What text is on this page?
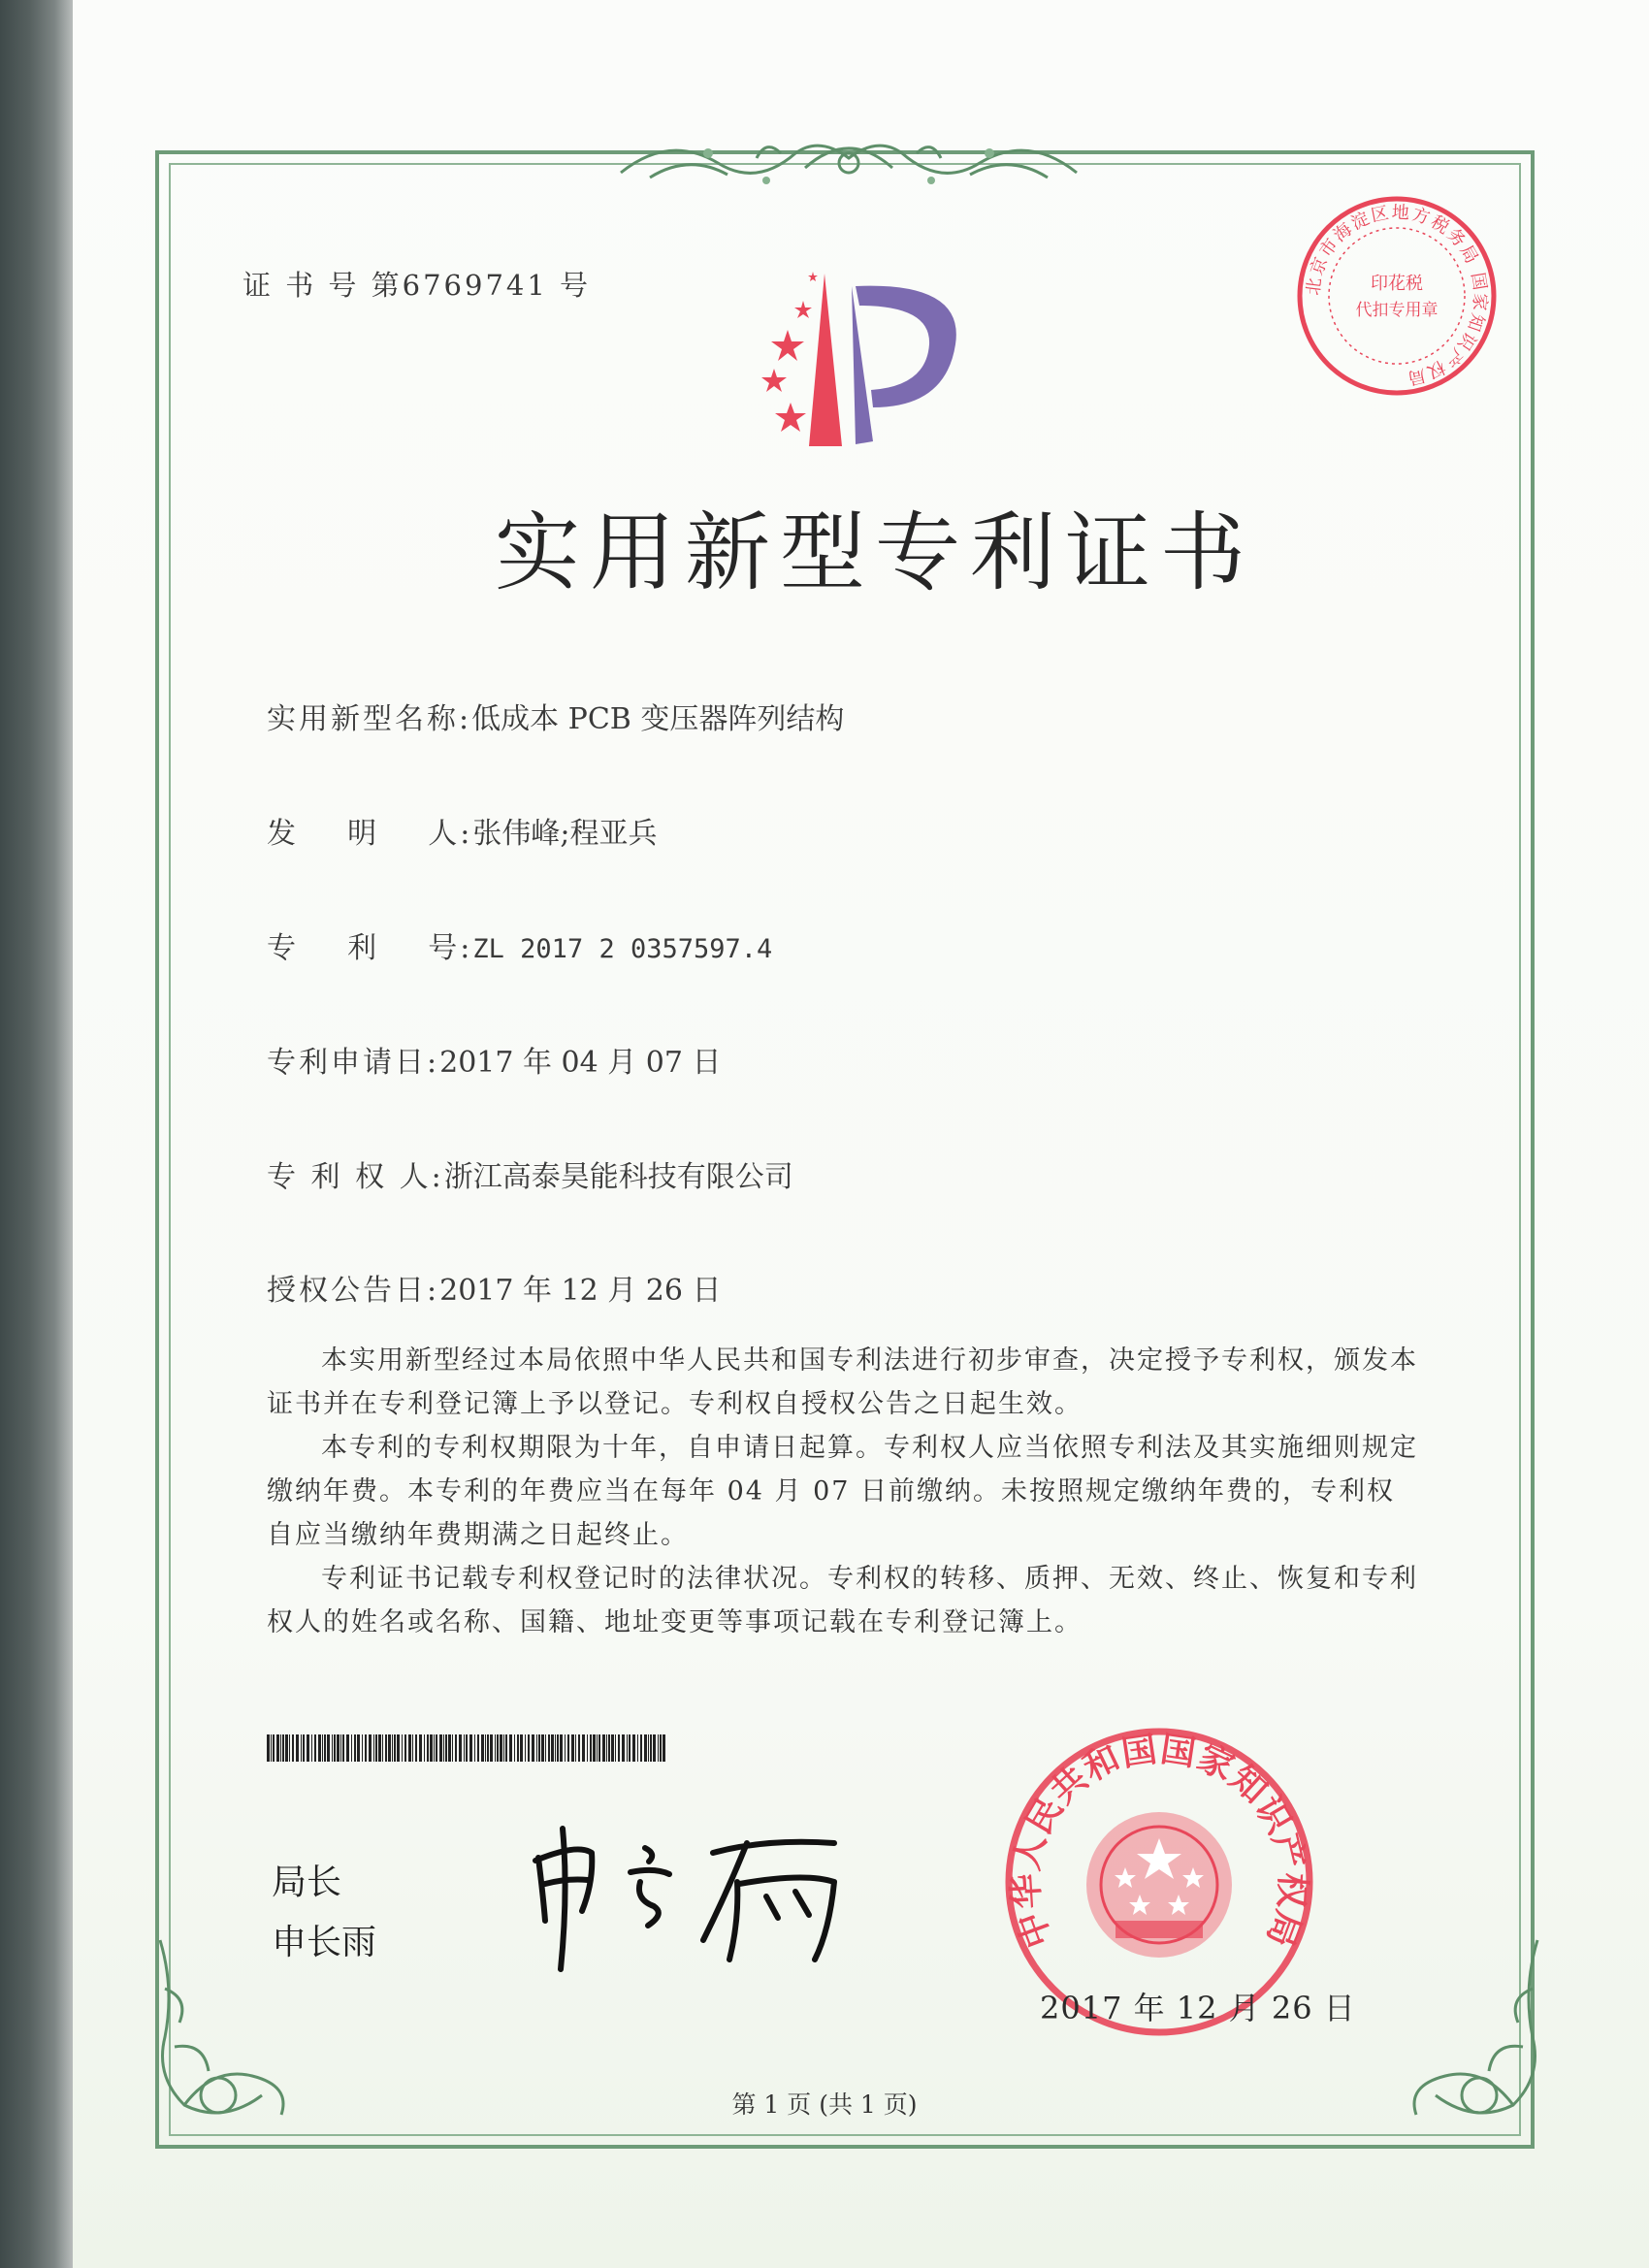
证 书 号 第6769741 号	印花税
代扣专用章
北京市海淀区地方税务局 国家知识产权局
实用新型专利证书
实用新型名称:低成本 PCB 变压器阵列结构
发    明    人:张伟峰;程亚兵
专    利    号:ZL 2017 2 0357597.4
专利申请日:2017 年 04 月 07 日
专 利 权 人:浙江高泰昊能科技有限公司
授权公告日:2017 年 12 月 26 日

本实用新型经过本局依照中华人民共和国专利法进行初步审查，决定授予专利权，颁发本证书并在专利登记簿上予以登记。专利权自授权公告之日起生效。

本专利的专利权期限为十年，自申请日起算。专利权人应当依照专利法及其实施细则规定缴纳年费。本专利的年费应当在每年 04 月 07 日前缴纳。未按照规定缴纳年费的，专利权自应当缴纳年费期满之日起终止。

专利证书记载专利权登记时的法律状况。专利权的转移、质押、无效、终止、恢复和专利权人的姓名或名称、国籍、地址变更等事项记载在专利登记簿上。

局长
申长雨	中华人民共和国国家知识产权局
2017 年 12 月 26 日
第 1 页 (共 1 页)
